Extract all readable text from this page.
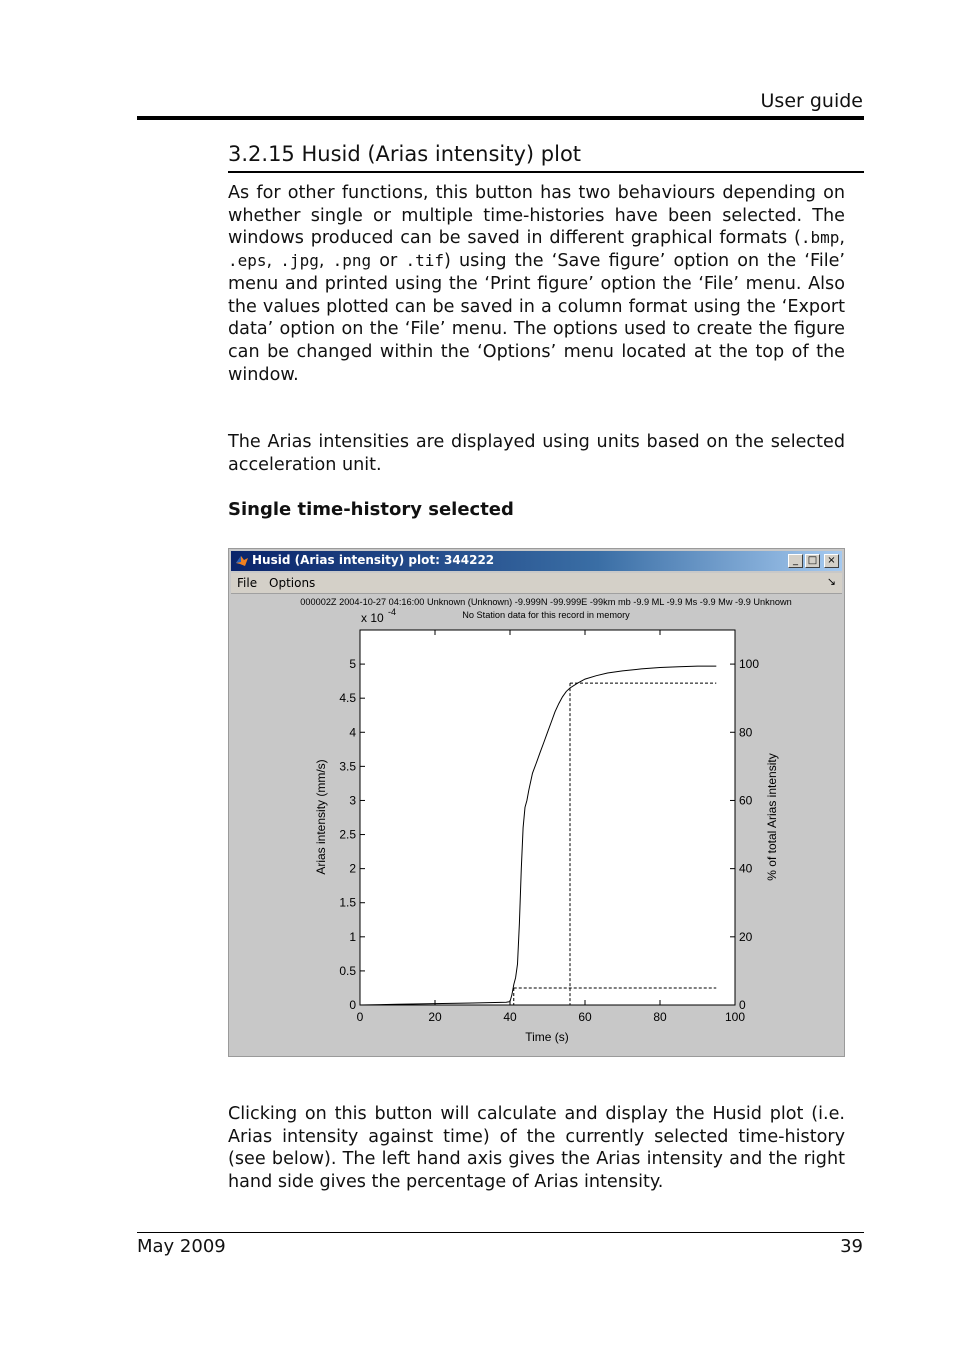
User guide
3.2.15 Husid (Arias intensity) plot
As for other functions, this button has two behaviours depending on whether single or multiple time-histories have been selected. The windows produced can be saved in different graphical formats (.bmp, .eps, .jpg, .png or .tif) using the ‘Save figure’ option on the ‘File’ menu and printed using the ‘Print figure’ option the ‘File’ menu. Also the values plotted can be saved in a column format using the ‘Export data’ option on the ‘File’ menu. The options used to create the figure can be changed within the ‘Options’ menu located at the top of the window.
The Arias intensities are displayed using units based on the selected acceleration unit.
Single time-history selected
Husid (Arias intensity) plot: 344222	_ □	×
File Options	↘
000002Z 2004-10-27 04:16:00 Unknown (Unknown) -9.999N -99.999E -99km mb -9.9 ML -9.9 Ms -9.9 Mw -9.9 Unknown
No Station data for this record in memory
0	20	40	60	80	100
0
0.5
1
1.5
2
2.5
3
3.5
4
4.5
5
0
20
40
60
80
100
x 10 -4
Time (s)
Arias intensity (mm/s)	% of total Arias intensity
Clicking on this button will calculate and display the Husid plot (i.e. Arias intensity against time) of the currently selected time-history (see below). The left hand axis gives the Arias intensity and the right hand side gives the percentage of Arias intensity.
May 2009	39
